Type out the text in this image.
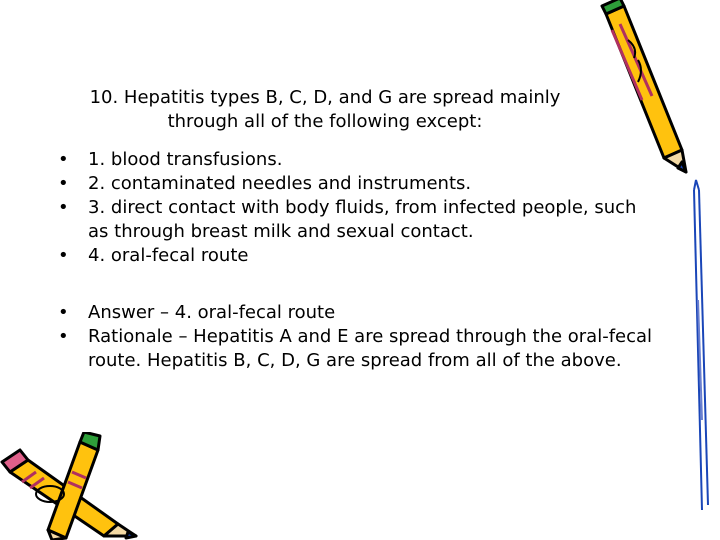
10. Hepatitis types B, C, D, and G are spread mainly through all of the following except:
• 1. blood transfusions.
• 2. contaminated needles and instruments.
• 3. direct contact with body fluids, from infected people, such as through breast milk and sexual contact.
• 4. oral-fecal route
• Answer – 4. oral-fecal route
• Rationale – Hepatitis A and E are spread through the oral-fecal route. Hepatitis B, C, D, G are spread from all of the above.
